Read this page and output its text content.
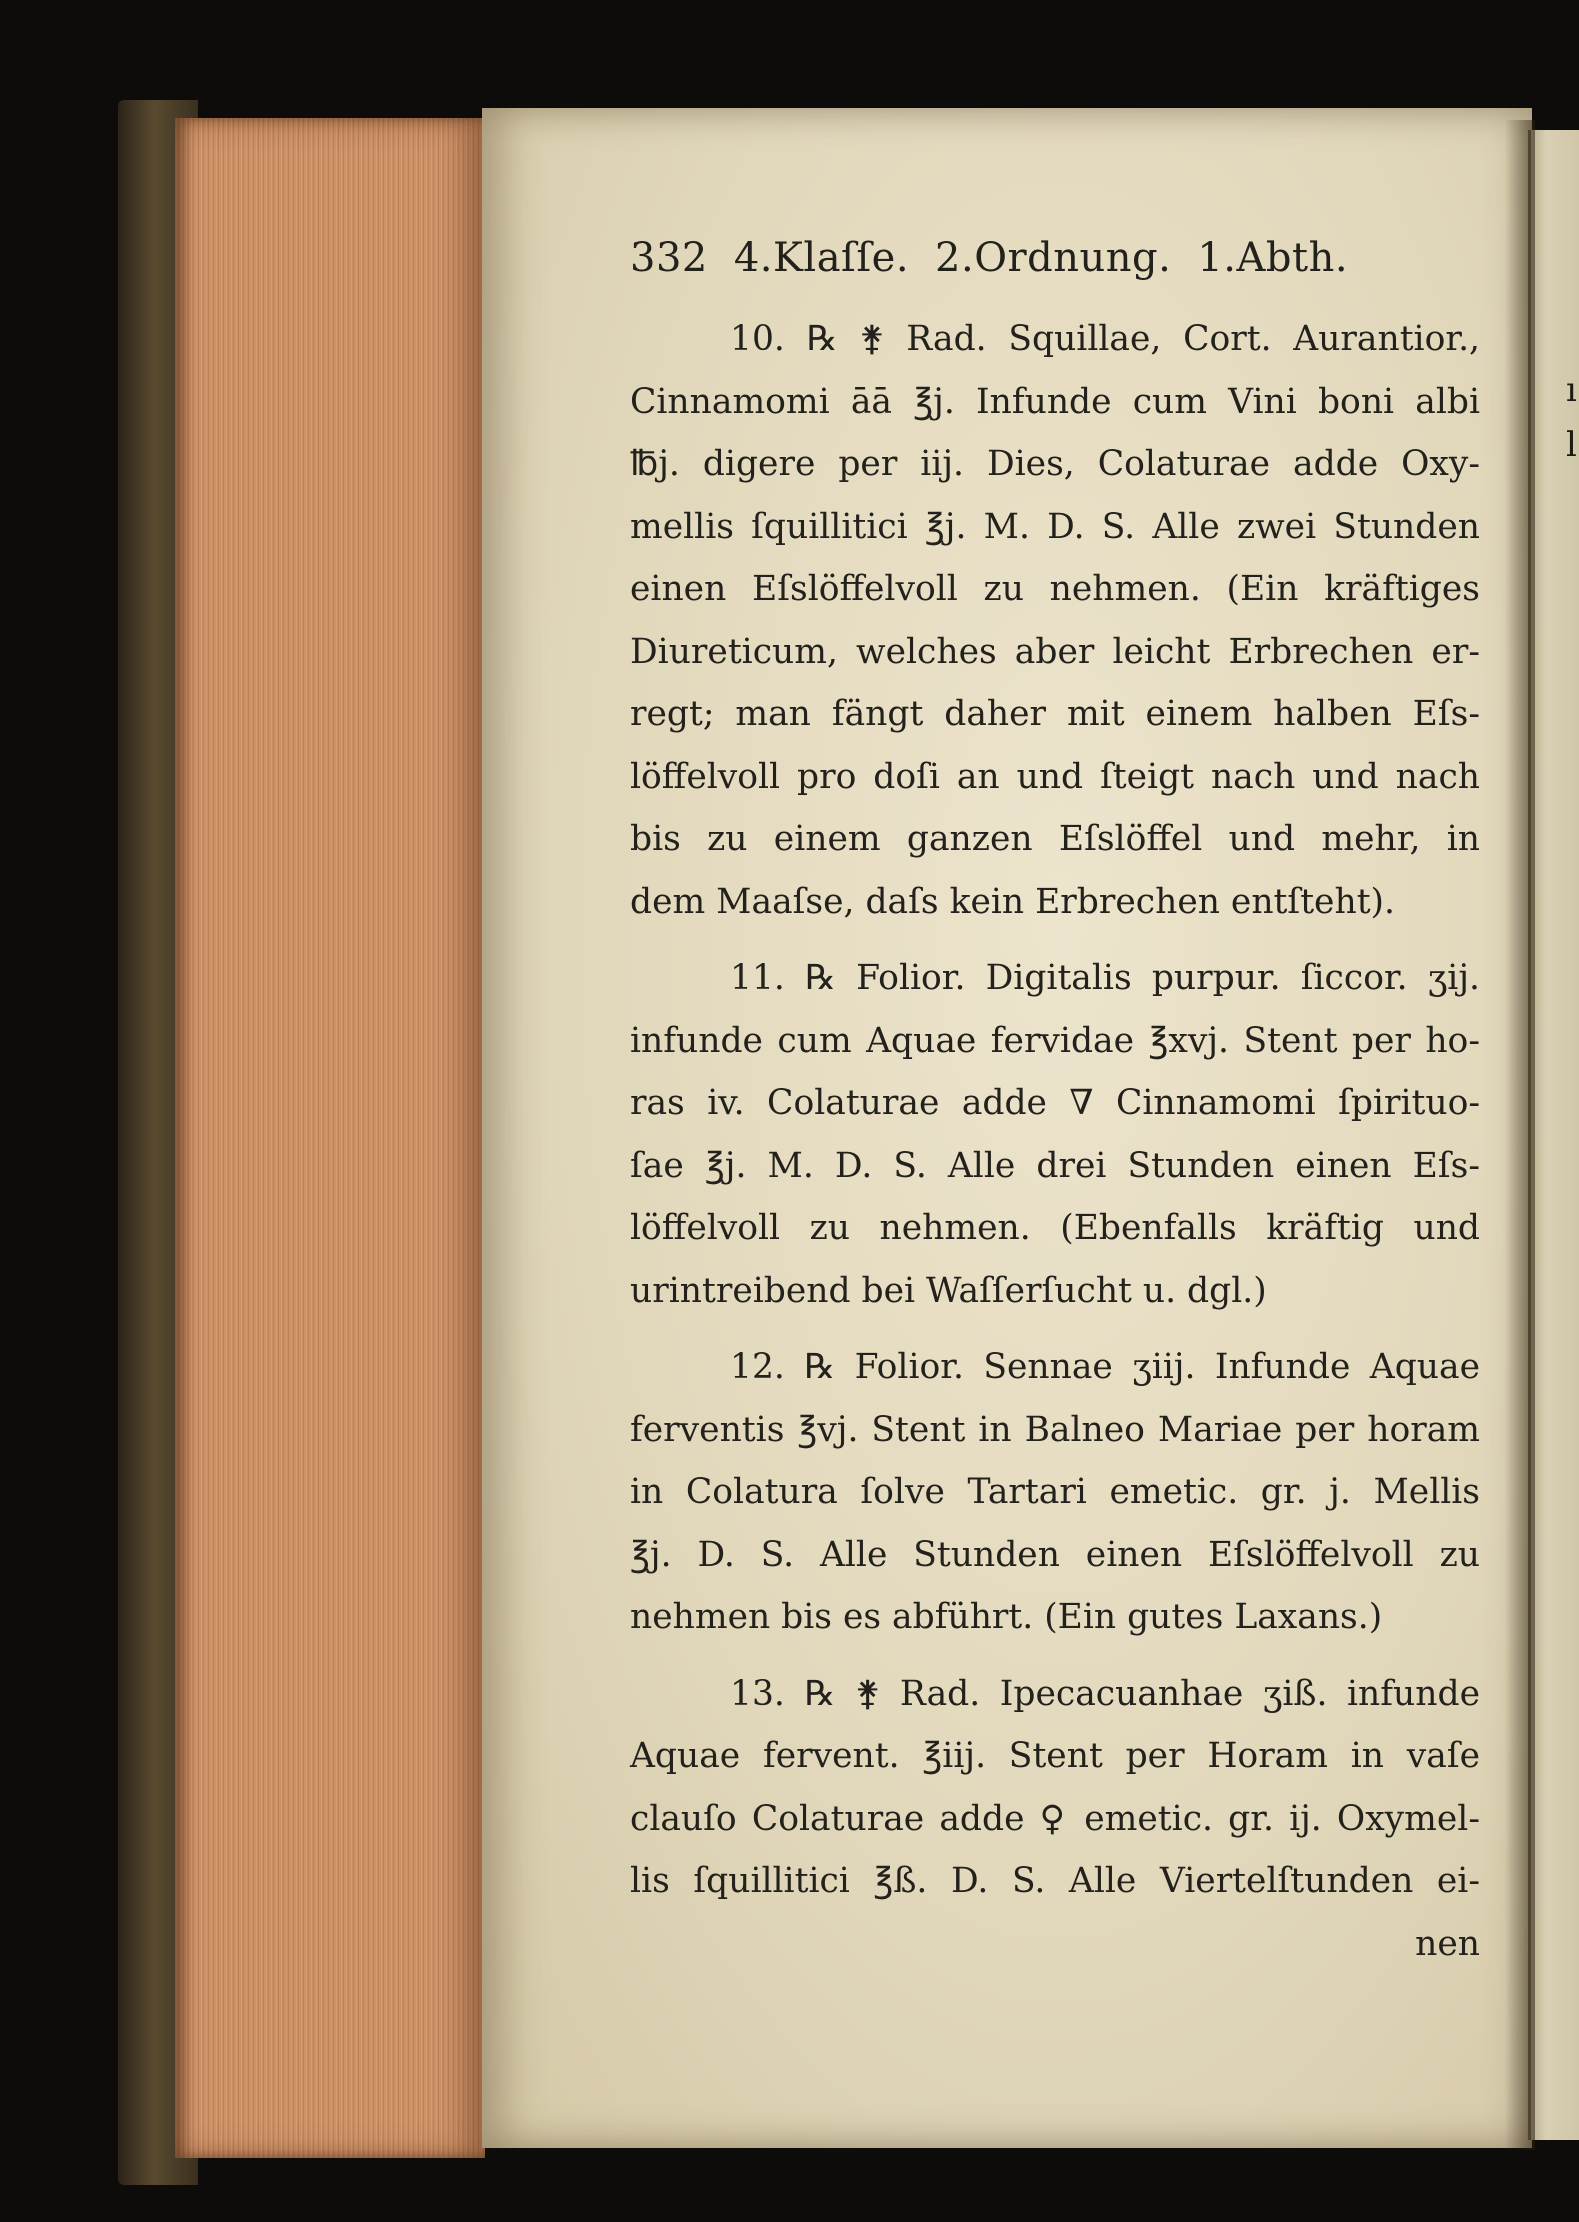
ı
l
332 4.Klaſſe. 2.Ordnung. 1.Abth.
10. ℞ ⚵ Rad. Squillae, Cort. Aurantior.,
Cinnamomi āā ℥j. Infunde cum Vini boni albi
℔j. digere per iij. Dies, Colaturae adde Oxy-
mellis ſquillitici ℥j. M. D. S. Alle zwei Stunden
einen Eſslöffelvoll zu nehmen. (Ein kräftiges
Diureticum, welches aber leicht Erbrechen er-
regt; man fängt daher mit einem halben Eſs-
löffelvoll pro doſi an und ſteigt nach und nach
bis zu einem ganzen Eſslöffel und mehr, in
dem Maaſse, daſs kein Erbrechen entſteht).
11. ℞ Folior. Digitalis purpur. ſiccor. ʒij.
infunde cum Aquae fervidae ℥xvj. Stent per ho-
ras iv. Colaturae adde ∇ Cinnamomi ſpirituo-
ſae ℥j. M. D. S. Alle drei Stunden einen Eſs-
löffelvoll zu nehmen. (Ebenfalls kräftig und
urintreibend bei Waſſerſucht u. dgl.)
12. ℞ Folior. Sennae ʒiij. Infunde Aquae
ferventis ℥vj. Stent in Balneo Mariae per horam
in Colatura ſolve Tartari emetic. gr. j. Mellis
℥j. D. S. Alle Stunden einen Eſslöffelvoll zu
nehmen bis es abführt. (Ein gutes Laxans.)
13. ℞ ⚵ Rad. Ipecacuanhae ʒiß. infunde
Aquae fervent. ℥iij. Stent per Horam in vaſe
clauſo Colaturae adde ♀ emetic. gr. ij. Oxymel-
lis ſquillitici ℥ß. D. S. Alle Viertelſtunden ei-
nen
